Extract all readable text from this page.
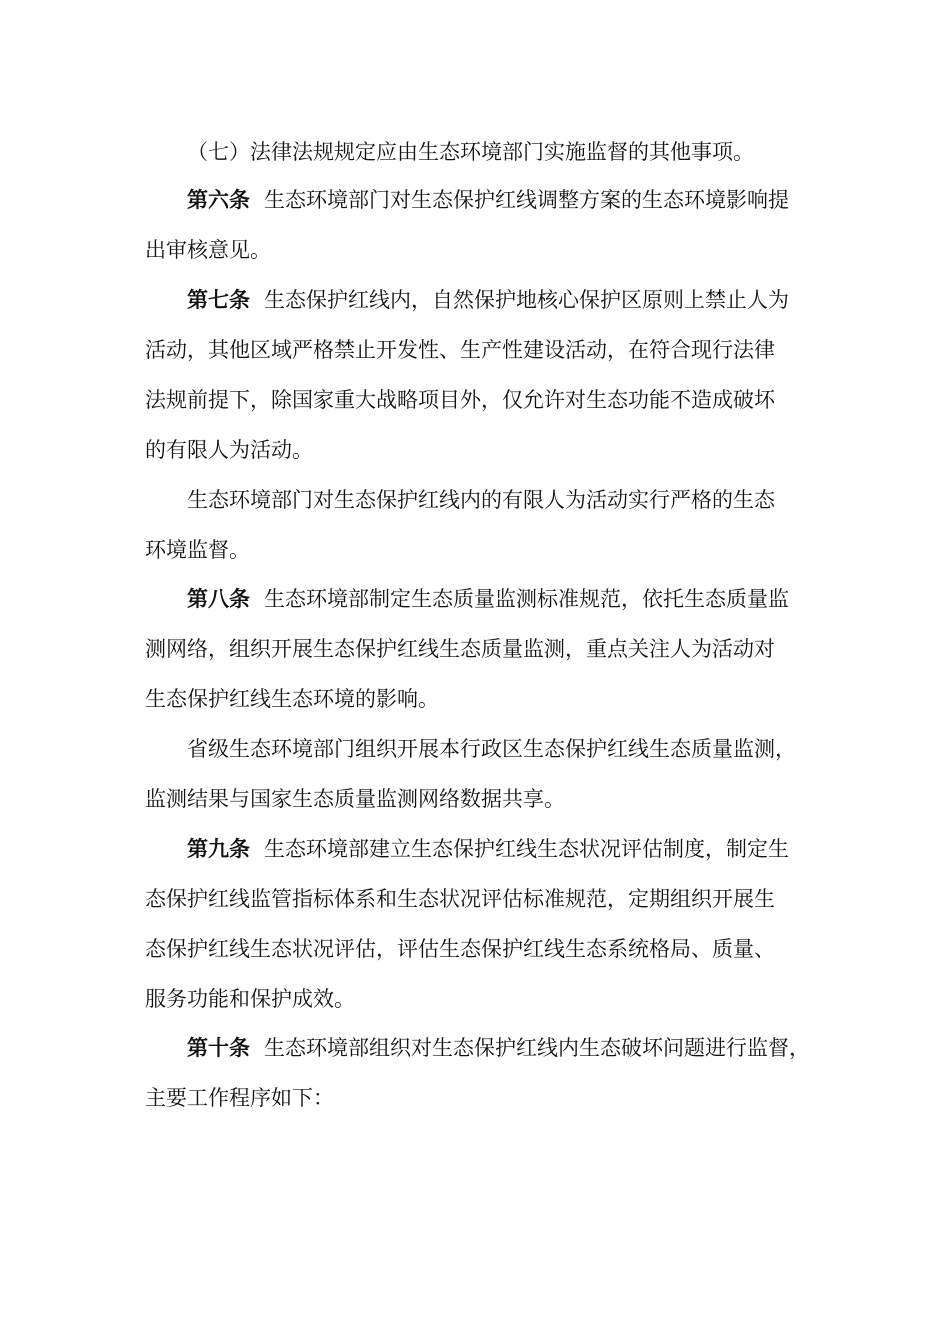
（七）法律法规规定应由生态环境部门实施监督的其他事项。
第六条 生态环境部门对生态保护红线调整方案的生态环境影响提
出审核意见。
第七条 生态保护红线内，自然保护地核心保护区原则上禁止人为
活动，其他区域严格禁止开发性、生产性建设活动，在符合现行法律
法规前提下，除国家重大战略项目外，仅允许对生态功能不造成破坏
的有限人为活动。
生态环境部门对生态保护红线内的有限人为活动实行严格的生态
环境监督。
第八条 生态环境部制定生态质量监测标准规范，依托生态质量监
测网络，组织开展生态保护红线生态质量监测，重点关注人为活动对
生态保护红线生态环境的影响。
省级生态环境部门组织开展本行政区生态保护红线生态质量监测，
监测结果与国家生态质量监测网络数据共享。
第九条 生态环境部建立生态保护红线生态状况评估制度，制定生
态保护红线监管指标体系和生态状况评估标准规范，定期组织开展生
态保护红线生态状况评估，评估生态保护红线生态系统格局、质量、
服务功能和保护成效。
第十条 生态环境部组织对生态保护红线内生态破坏问题进行监督，
主要工作程序如下：
